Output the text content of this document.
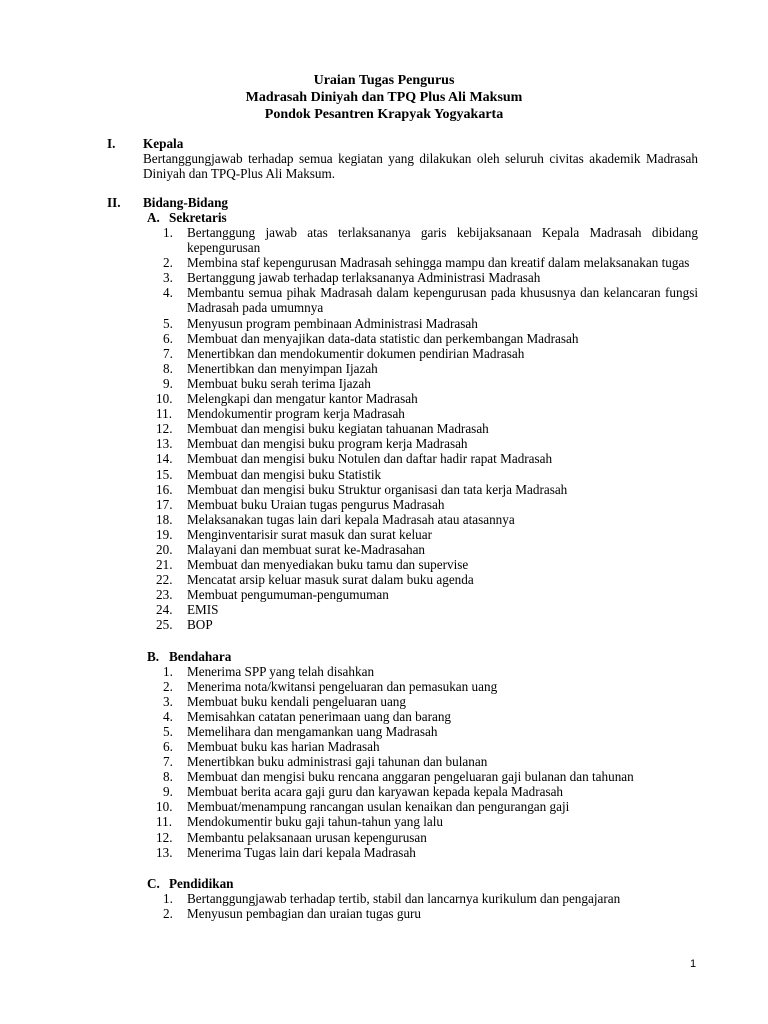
Uraian Tugas Pengurus
Madrasah Diniyah dan TPQ Plus Ali Maksum
Pondok Pesantren Krapyak Yogyakarta
I. Kepala
Bertanggungjawab terhadap semua kegiatan yang dilakukan oleh seluruh civitas akademik Madrasah Diniyah dan TPQ-Plus Ali Maksum.
II. Bidang-Bidang
A. Sekretaris
1.	Bertanggung jawab atas terlaksananya garis kebijaksanaan Kepala Madrasah dibidang kepengurusan
2.	Membina staf kepengurusan Madrasah sehingga mampu dan kreatif dalam melaksanakan tugas
3.	Bertanggung jawab terhadap terlaksananya Administrasi Madrasah
4.	Membantu semua pihak Madrasah dalam kepengurusan pada khususnya dan kelancaran fungsi Madrasah pada umumnya
5.	Menyusun program pembinaan Administrasi Madrasah
6.	Membuat dan menyajikan data-data statistic dan perkembangan Madrasah
7.	Menertibkan dan mendokumentir dokumen pendirian Madrasah
8.	Menertibkan dan menyimpan Ijazah
9.	Membuat buku serah terima Ijazah
10.	Melengkapi dan mengatur kantor Madrasah
11.	Mendokumentir program kerja Madrasah
12.	Membuat dan mengisi buku kegiatan tahuanan Madrasah
13.	Membuat dan mengisi buku program kerja Madrasah
14.	Membuat dan mengisi buku Notulen dan daftar hadir rapat Madrasah
15.	Membuat dan mengisi buku Statistik
16.	Membuat dan mengisi buku Struktur organisasi dan tata kerja Madrasah
17.	Membuat buku Uraian tugas pengurus Madrasah
18.	Melaksanakan tugas lain dari kepala Madrasah atau atasannya
19.	Menginventarisir surat masuk dan surat keluar
20.	Malayani dan membuat surat ke-Madrasahan
21.	Membuat dan menyediakan buku tamu dan supervise
22.	Mencatat arsip keluar masuk surat dalam buku agenda
23.	Membuat pengumuman-pengumuman
24.	EMIS
25.	BOP
B. Bendahara
1.	Menerima SPP yang telah disahkan
2.	Menerima nota/kwitansi pengeluaran dan pemasukan uang
3.	Membuat buku kendali pengeluaran uang
4.	Memisahkan catatan penerimaan uang dan barang
5.	Memelihara dan mengamankan uang Madrasah
6.	Membuat buku kas harian Madrasah
7.	Menertibkan buku administrasi gaji tahunan dan bulanan
8.	Membuat dan mengisi buku rencana anggaran pengeluaran gaji bulanan dan tahunan
9.	Membuat berita acara gaji guru dan karyawan kepada kepala Madrasah
10.	Membuat/menampung rancangan usulan kenaikan dan pengurangan gaji
11.	Mendokumentir buku gaji tahun-tahun yang lalu
12.	Membantu pelaksanaan urusan kepengurusan
13.	Menerima Tugas lain dari kepala Madrasah
C. Pendidikan
1.	Bertanggungjawab terhadap tertib, stabil dan lancarnya kurikulum dan pengajaran
2.	Menyusun pembagian dan uraian tugas guru
1
